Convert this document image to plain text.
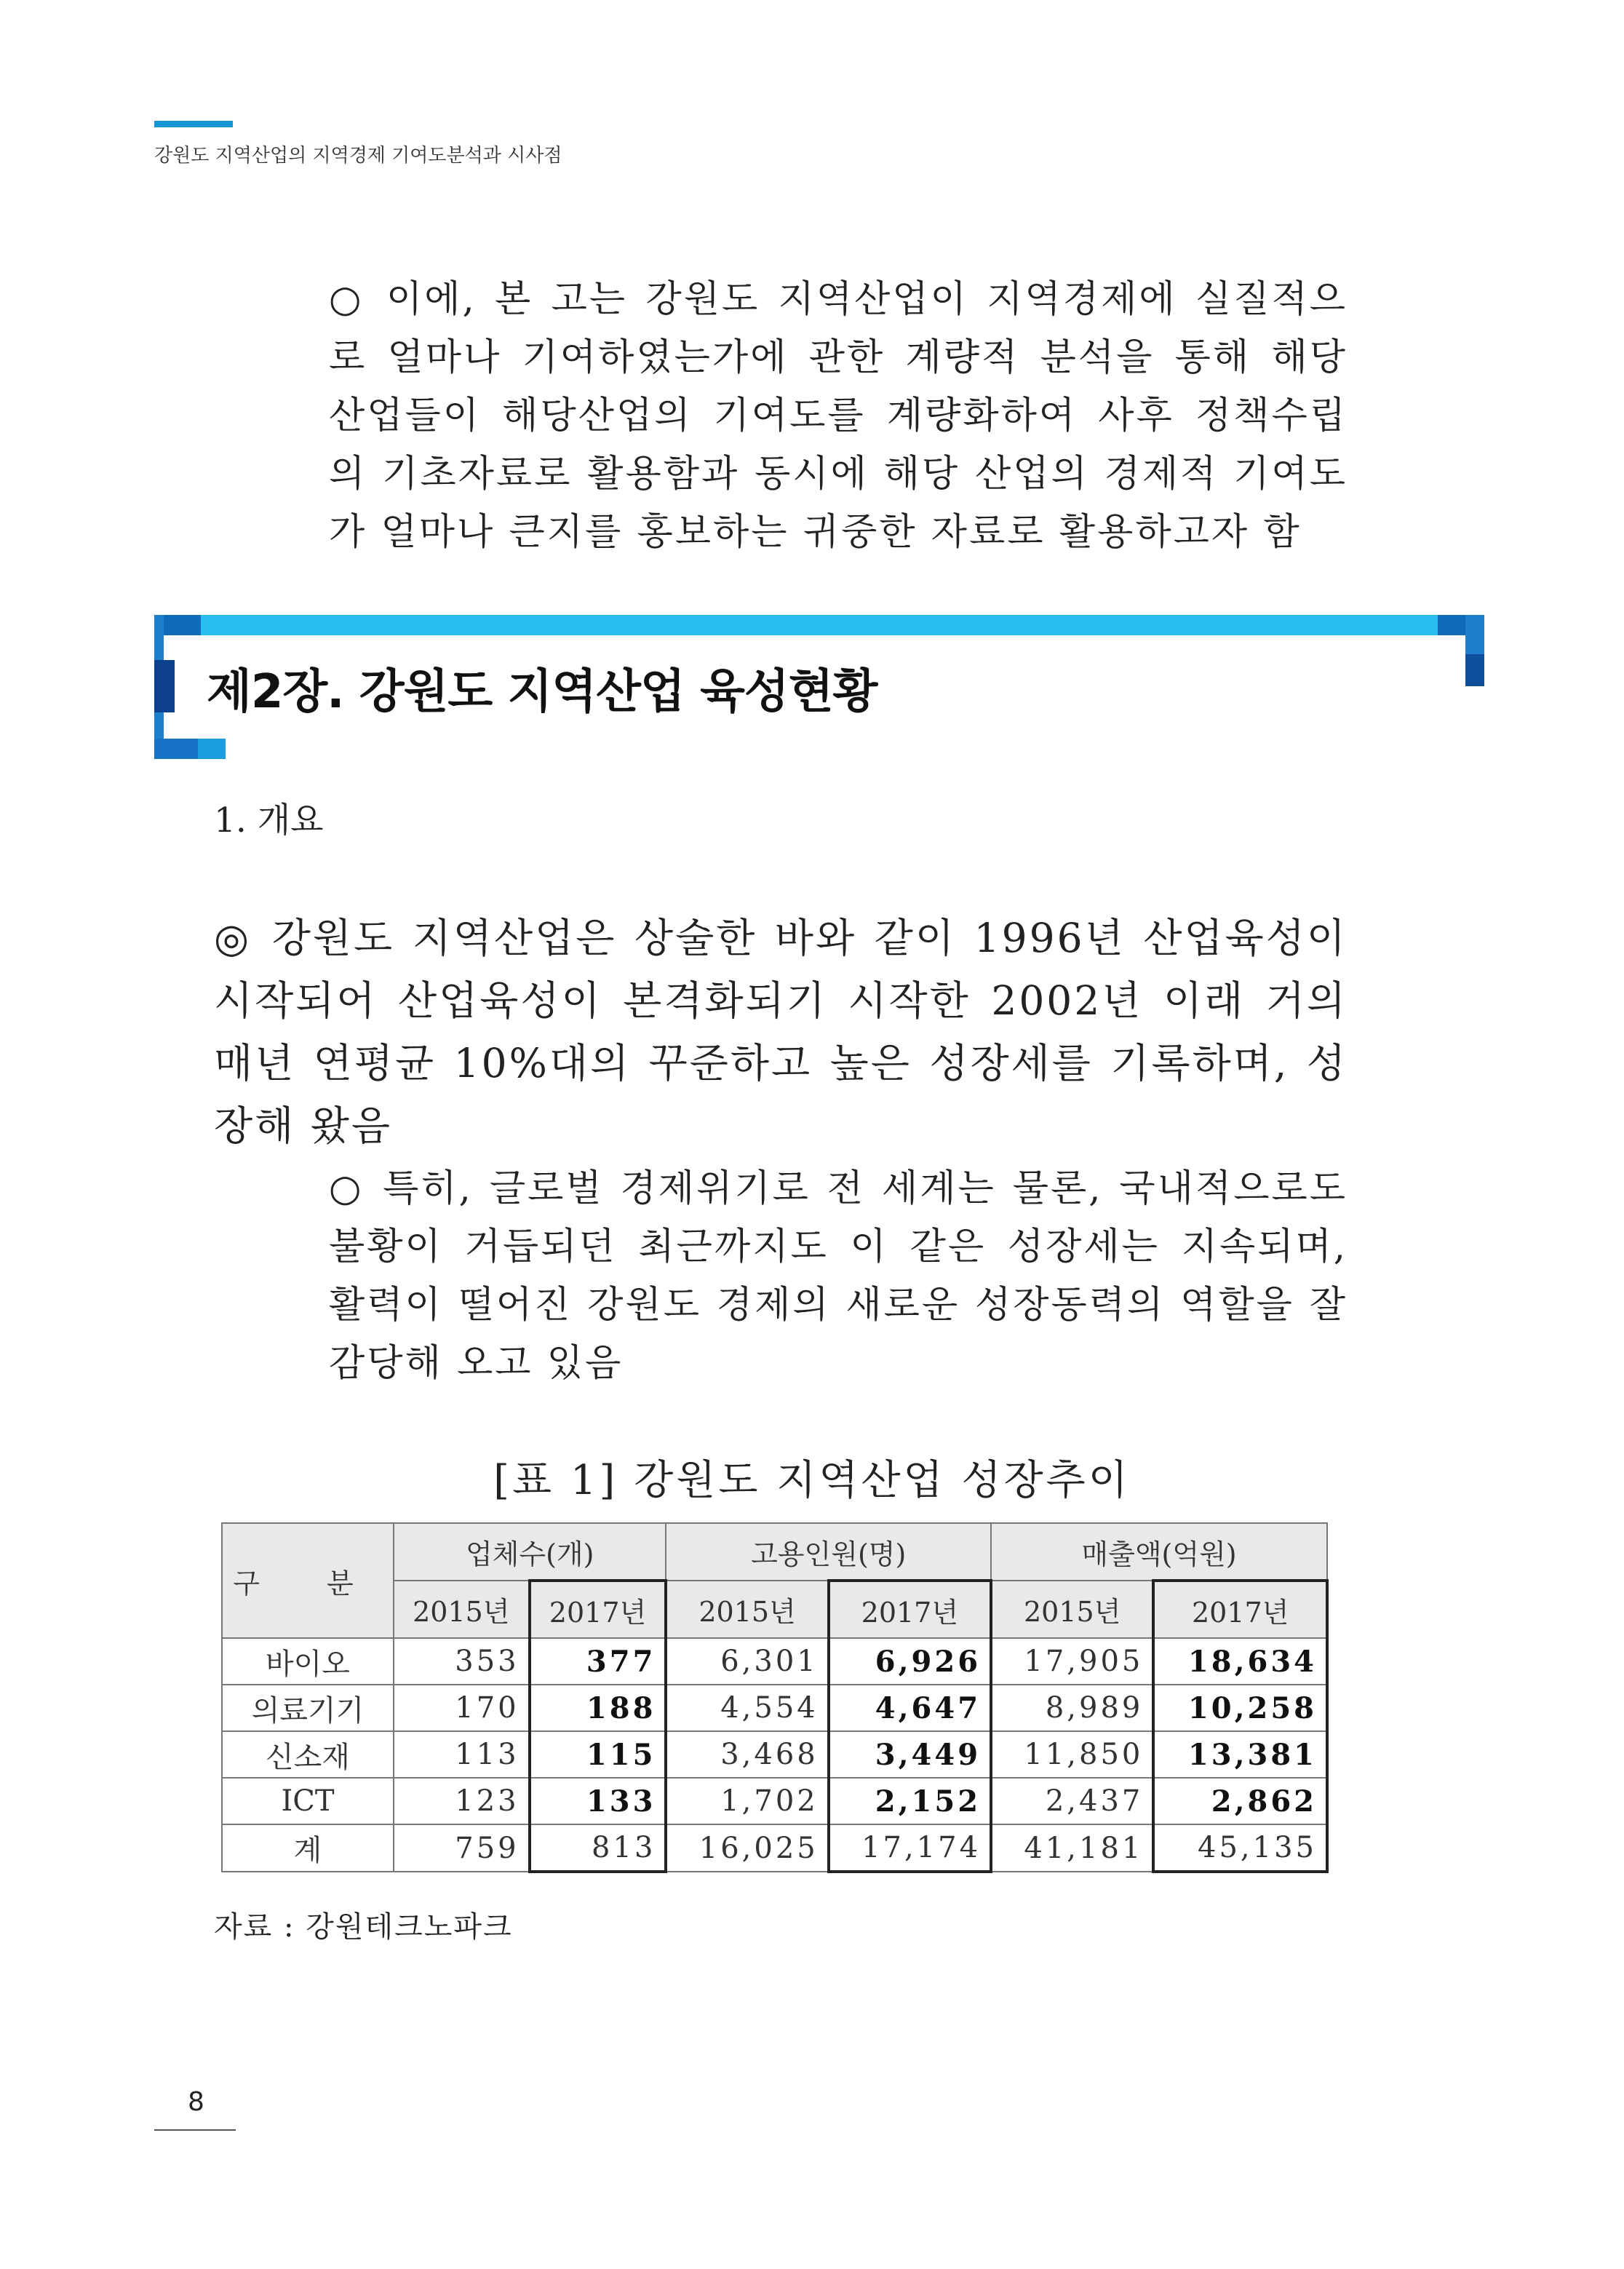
강원도 지역산업의 지역경제 기여도분석과 시사점

○ 이에, 본 고는 강원도 지역산업이 지역경제에 실질적으로 얼마나 기여하였는가에 관한 계량적 분석을 통해 해당 산업들이 해당산업의 기여도를 계량화하여 사후 정책수립의 기초자료로 활용함과 동시에 해당 산업의 경제적 기여도가 얼마나 큰지를 홍보하는 귀중한 자료로 활용하고자 함

제2장. 강원도 지역산업 육성현황

1. 개요

◎ 강원도 지역산업은 상술한 바와 같이 1996년 산업육성이 시작되어 산업육성이 본격화되기 시작한 2002년 이래 거의 매년 연평균 10%대의 꾸준하고 높은 성장세를 기록하며, 성장해 왔음

○ 특히, 글로벌 경제위기로 전 세계는 물론, 국내적으로도 불황이 거듭되던 최근까지도 이 같은 성장세는 지속되며, 활력이 떨어진 강원도 경제의 새로운 성장동력의 역할을 잘 감당해 오고 있음

[표 1] 강원도 지역산업 성장추이

구 분	업체수(개)		고용인원(명)		매출액(억원)	
	2015년	2017년	2015년	2017년	2015년	2017년
바이오	353	377	6,301	6,926	17,905	18,634
의료기기	170	188	4,554	4,647	8,989	10,258
신소재	113	115	3,468	3,449	11,850	13,381
ICT	123	133	1,702	2,152	2,437	2,862
계	759	813	16,025	17,174	41,181	45,135

자료 : 강원테크노파크

8
